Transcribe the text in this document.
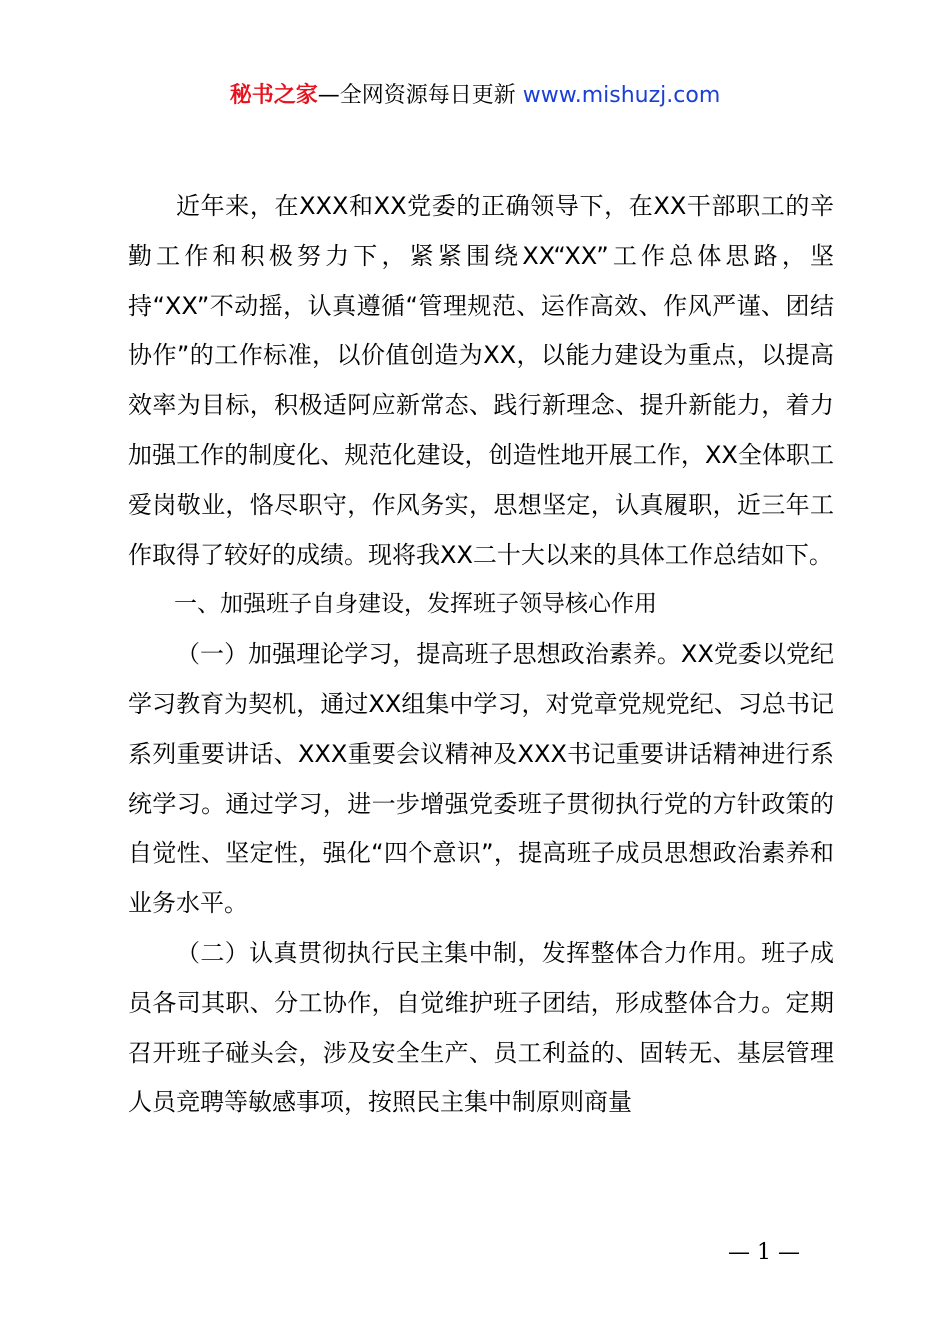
秘书之家—全网资源每日更新 www.mishuzj.com

近年来，在XXX和XX党委的正确领导下，在XX干部职工的辛勤工作和积极努力下，紧紧围绕XX“XX”工作总体思路，坚持“XX”不动摇，认真遵循“管理规范、运作高效、作风严谨、团结协作”的工作标准，以价值创造为XX，以能力建设为重点，以提高效率为目标，积极适阿应新常态、践行新理念、提升新能力，着力加强工作的制度化、规范化建设，创造性地开展工作，XX全体职工爱岗敬业，恪尽职守，作风务实，思想坚定，认真履职，近三年工作取得了较好的成绩。现将我XX二十大以来的具体工作总结如下。

一、加强班子自身建设，发挥班子领导核心作用

（一）加强理论学习，提高班子思想政治素养。XX党委以党纪学习教育为契机，通过XX组集中学习，对党章党规党纪、习总书记系列重要讲话、XXX重要会议精神及XXX书记重要讲话精神进行系统学习。通过学习，进一步增强党委班子贯彻执行党的方针政策的自觉性、坚定性，强化“四个意识”，提高班子成员思想政治素养和业务水平。

（二）认真贯彻执行民主集中制，发挥整体合力作用。班子成员各司其职、分工协作，自觉维护班子团结，形成整体合力。定期召开班子碰头会，涉及安全生产、员工利益的、固转无、基层管理人员竞聘等敏感事项，按照民主集中制原则商量

— 1 —
